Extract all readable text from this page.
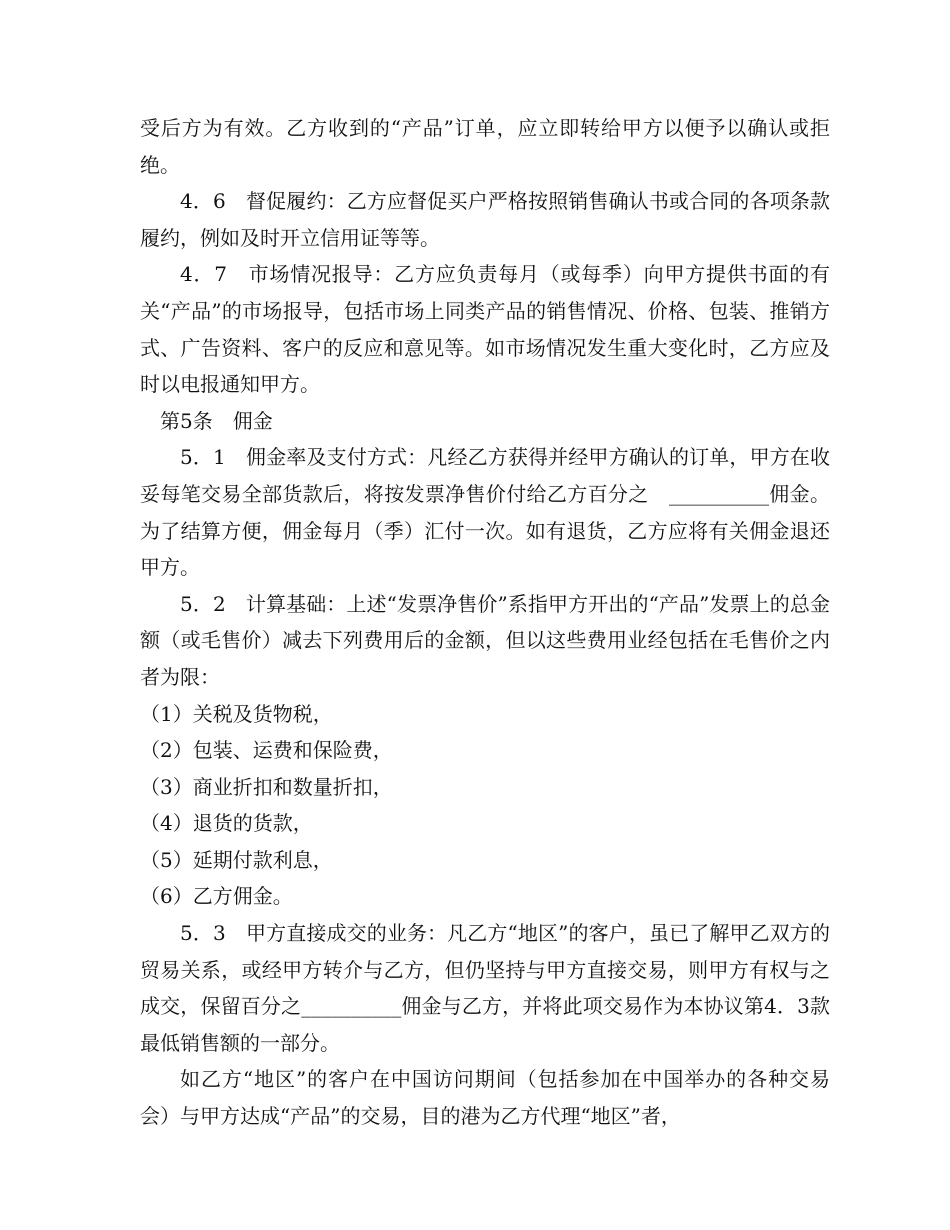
受后方为有效。乙方收到的“产品”订单，应立即转给甲方以便予以确认或拒绝。

4．6　督促履约：乙方应督促买户严格按照销售确认书或合同的各项条款履约，例如及时开立信用证等等。

4．7　市场情况报导：乙方应负责每月（或每季）向甲方提供书面的有关“产品”的市场报导，包括市场上同类产品的销售情况、价格、包装、推销方式、广告资料、客户的反应和意见等。如市场情况发生重大变化时，乙方应及时以电报通知甲方。

第5条　佣金

5．1　佣金率及支付方式：凡经乙方获得并经甲方确认的订单，甲方在收妥每笔交易全部货款后，将按发票净售价付给乙方百分之　__________佣金。为了结算方便，佣金每月（季）汇付一次。如有退货，乙方应将有关佣金退还甲方。

5．2　计算基础：上述“发票净售价”系指甲方开出的“产品”发票上的总金额（或毛售价）减去下列费用后的金额，但以这些费用业经包括在毛售价之内者为限：

（1）关税及货物税，

（2）包装、运费和保险费，

（3）商业折扣和数量折扣，

（4）退货的货款，

（5）延期付款利息，

（6）乙方佣金。

5．3　甲方直接成交的业务：凡乙方“地区”的客户，虽已了解甲乙双方的贸易关系，或经甲方转介与乙方，但仍坚持与甲方直接交易，则甲方有权与之成交，保留百分之__________佣金与乙方，并将此项交易作为本协议第4．3款最低销售额的一部分。

如乙方“地区”的客户在中国访问期间（包括参加在中国举办的各种交易会）与甲方达成“产品”的交易，目的港为乙方代理“地区”者，
